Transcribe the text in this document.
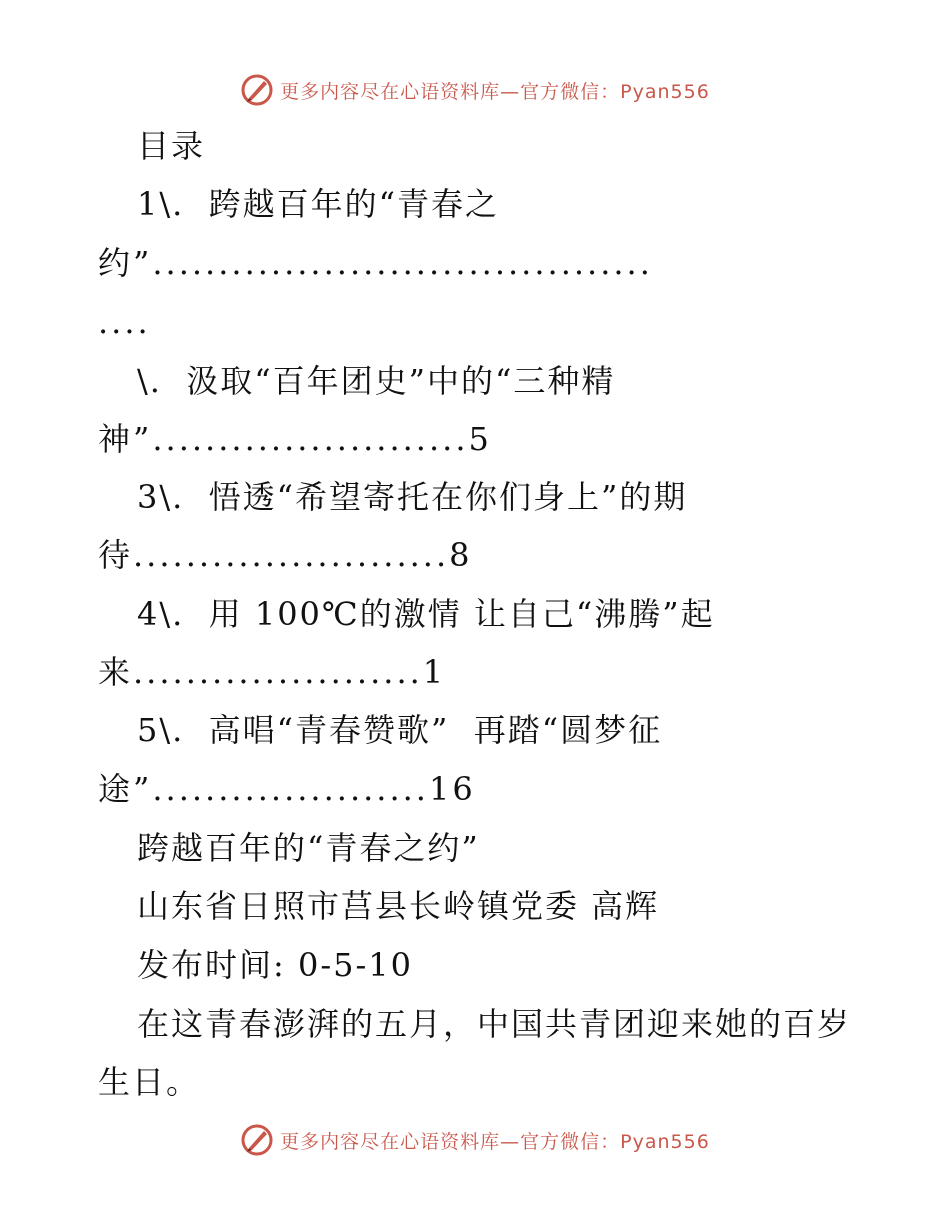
更多内容尽在心语资料库—官方微信：Pyan556
目录
1\.  跨越百年的“青春之
约”......................................
....
\.  汲取“百年团史”中的“三种精
神”........................5
3\.  悟透“希望寄托在你们身上”的期
待........................8
4\.  用 100℃的激情 让自己“沸腾”起
来......................1
5\.  高唱“青春赞歌”  再踏“圆梦征
途”.....................16
跨越百年的“青春之约”
山东省日照市莒县长岭镇党委 高辉
发布时间: 0-5-10
在这青春澎湃的五月，中国共青团迎来她的百岁
生日。
更多内容尽在心语资料库—官方微信：Pyan556
